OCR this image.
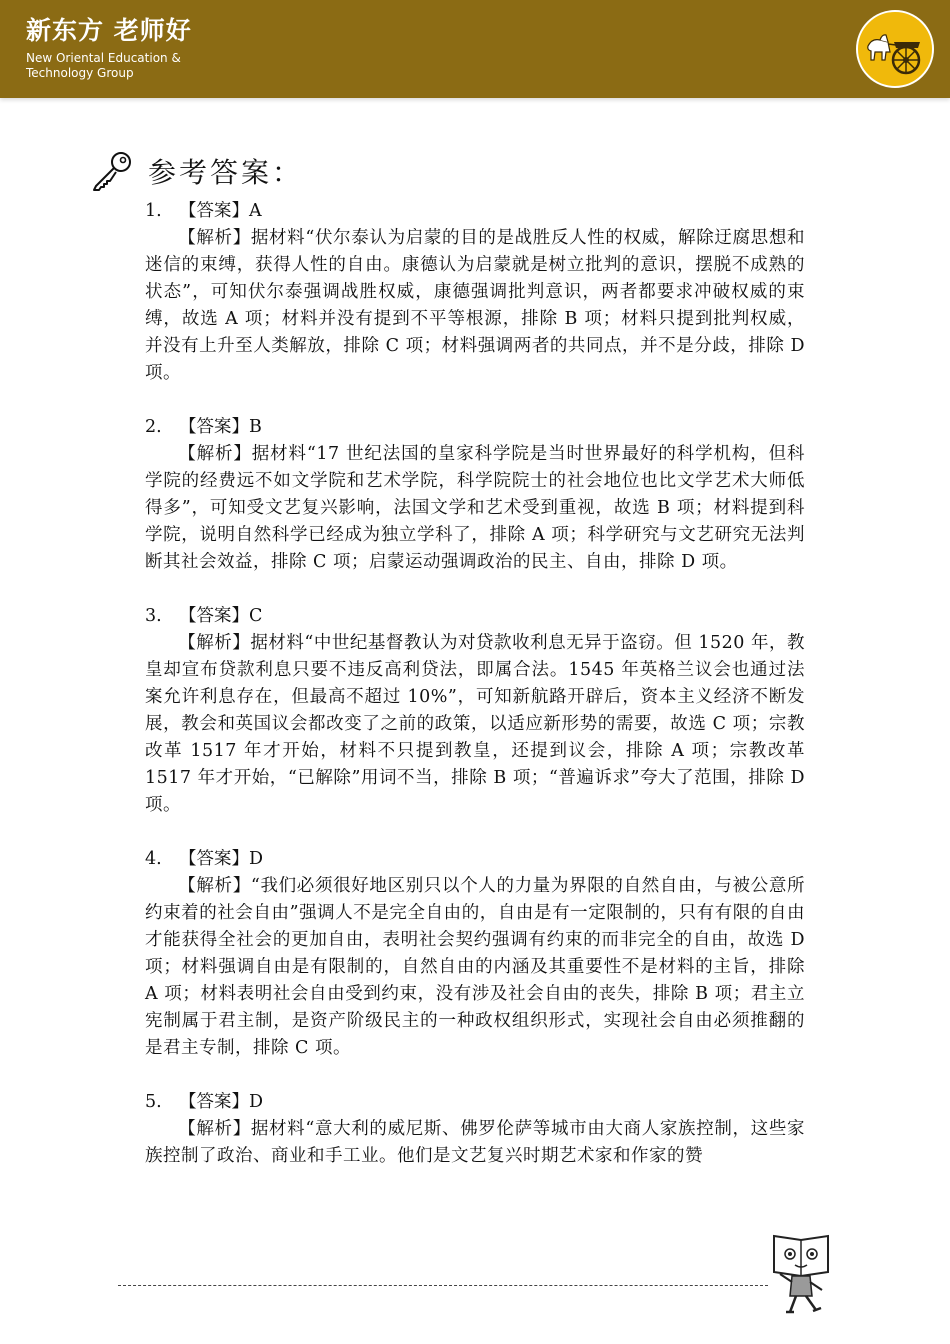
新东方 老师好
New Oriental Education &
Technology Group
参考答案：
1. 【答案】A
【解析】据材料“伏尔泰认为启蒙的目的是战胜反人性的权威，解除迂腐思想和迷信的束缚，获得人性的自由。康德认为启蒙就是树立批判的意识，摆脱不成熟的状态”，可知伏尔泰强调战胜权威，康德强调批判意识，两者都要求冲破权威的束缚，故选 A 项；材料并没有提到不平等根源，排除 B 项；材料只提到批判权威，并没有上升至人类解放，排除 C 项；材料强调两者的共同点，并不是分歧，排除 D 项。
2. 【答案】B
【解析】据材料“17 世纪法国的皇家科学院是当时世界最好的科学机构，但科学院的经费远不如文学院和艺术学院，科学院院士的社会地位也比文学艺术大师低得多”，可知受文艺复兴影响，法国文学和艺术受到重视，故选 B 项；材料提到科学院，说明自然科学已经成为独立学科了，排除 A 项；科学研究与文艺研究无法判断其社会效益，排除 C 项；启蒙运动强调政治的民主、自由，排除 D 项。
3. 【答案】C
【解析】据材料“中世纪基督教认为对贷款收利息无异于盗窃。但 1520 年，教皇却宣布贷款利息只要不违反高利贷法，即属合法。1545 年英格兰议会也通过法案允许利息存在，但最高不超过 10%”，可知新航路开辟后，资本主义经济不断发展，教会和英国议会都改变了之前的政策，以适应新形势的需要，故选 C 项；宗教改革 1517 年才开始，材料不只提到教皇，还提到议会，排除 A 项；宗教改革 1517 年才开始，“已解除”用词不当，排除 B 项；“普遍诉求”夸大了范围，排除 D 项。
4. 【答案】D
【解析】“我们必须很好地区别只以个人的力量为界限的自然自由，与被公意所约束着的社会自由”强调人不是完全自由的，自由是有一定限制的，只有有限的自由才能获得全社会的更加自由，表明社会契约强调有约束的而非完全的自由，故选 D 项；材料强调自由是有限制的，自然自由的内涵及其重要性不是材料的主旨，排除 A 项；材料表明社会自由受到约束，没有涉及社会自由的丧失，排除 B 项；君主立宪制属于君主制，是资产阶级民主的一种政权组织形式，实现社会自由必须推翻的是君主专制，排除 C 项。
5. 【答案】D
【解析】据材料“意大利的威尼斯、佛罗伦萨等城市由大商人家族控制，这些家族控制了政治、商业和手工业。他们是文艺复兴时期艺术家和作家的赞
